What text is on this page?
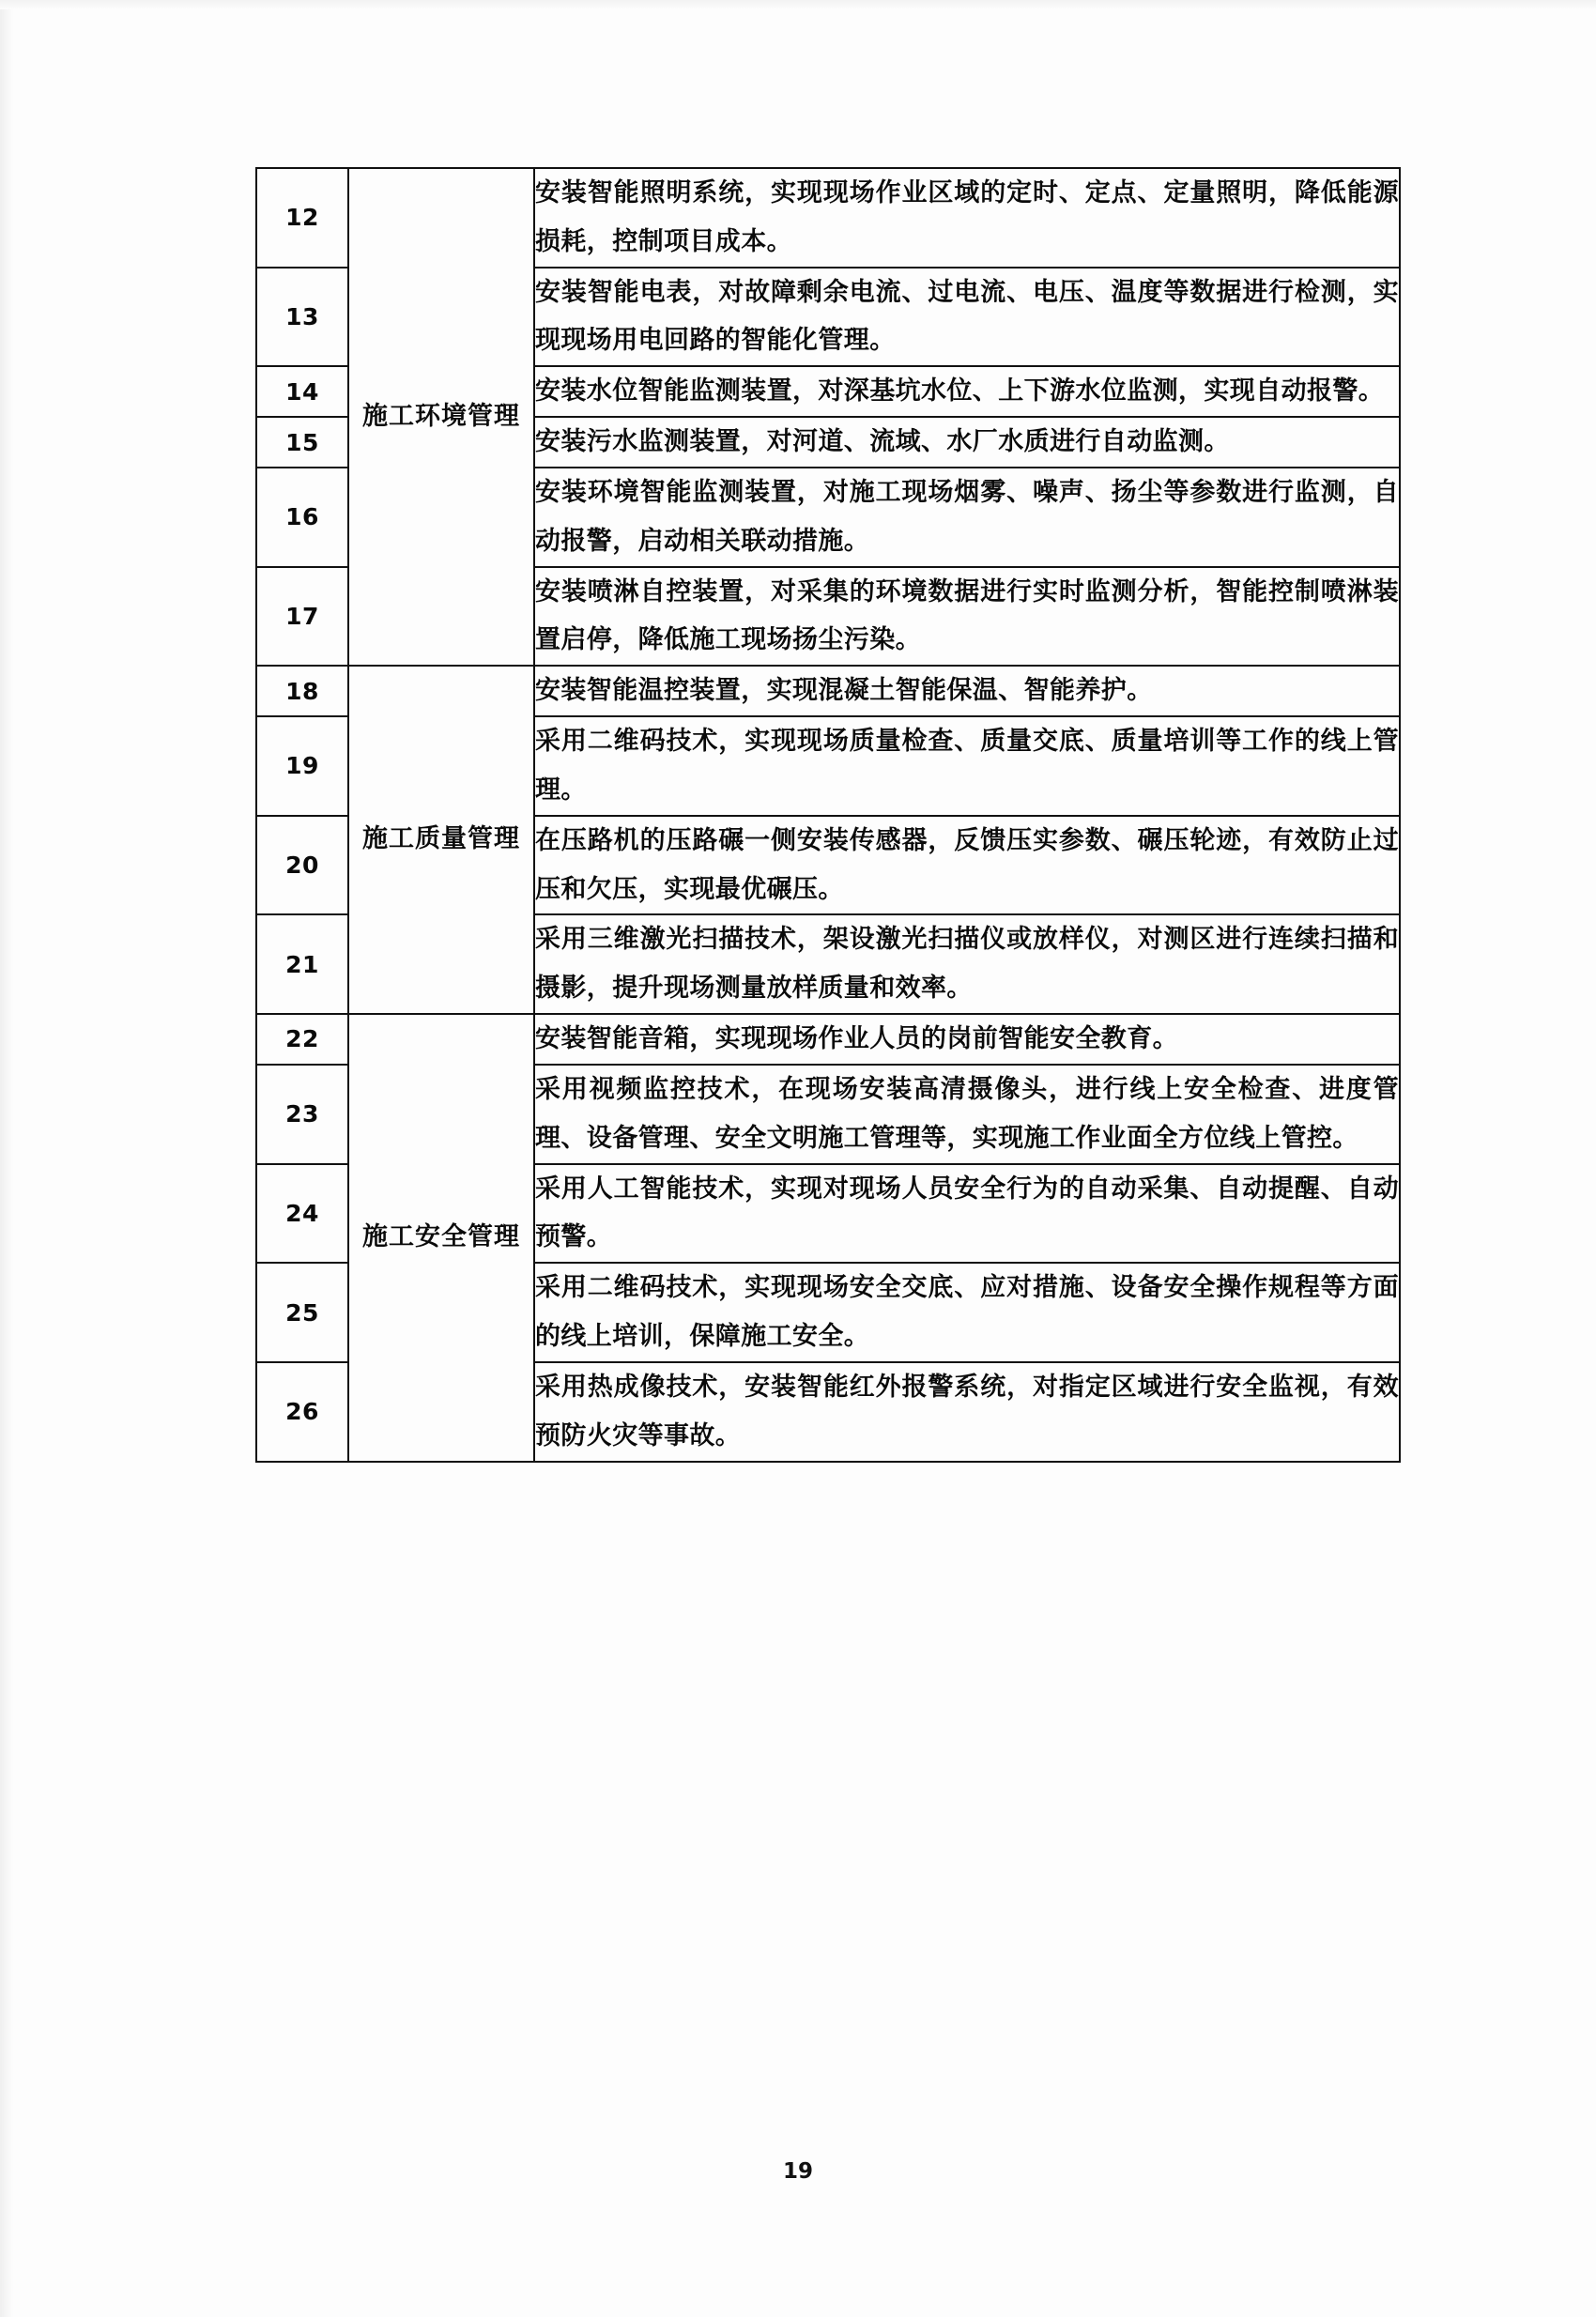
12	施工环境管理	安装智能照明系统，实现现场作业区域的定时、定点、定量照明，降低能源损耗，控制项目成本。
13		安装智能电表，对故障剩余电流、过电流、电压、温度等数据进行检测，实现现场用电回路的智能化管理。
14		安装水位智能监测装置，对深基坑水位、上下游水位监测，实现自动报警。
15		安装污水监测装置，对河道、流域、水厂水质进行自动监测。
16		安装环境智能监测装置，对施工现场烟雾、噪声、扬尘等参数进行监测，自动报警，启动相关联动措施。
17		安装喷淋自控装置，对采集的环境数据进行实时监测分析，智能控制喷淋装置启停，降低施工现场扬尘污染。
18	施工质量管理	安装智能温控装置，实现混凝土智能保温、智能养护。
19		采用二维码技术，实现现场质量检查、质量交底、质量培训等工作的线上管理。
20		在压路机的压路碾一侧安装传感器，反馈压实参数、碾压轮迹，有效防止过压和欠压，实现最优碾压。
21		采用三维激光扫描技术，架设激光扫描仪或放样仪，对测区进行连续扫描和摄影，提升现场测量放样质量和效率。
22	施工安全管理	安装智能音箱，实现现场作业人员的岗前智能安全教育。
23		采用视频监控技术，在现场安装高清摄像头，进行线上安全检查、进度管理、设备管理、安全文明施工管理等，实现施工作业面全方位线上管控。
24		采用人工智能技术，实现对现场人员安全行为的自动采集、自动提醒、自动预警。
25		采用二维码技术，实现现场安全交底、应对措施、设备安全操作规程等方面的线上培训，保障施工安全。
26		采用热成像技术，安装智能红外报警系统，对指定区域进行安全监视，有效预防火灾等事故。
19
